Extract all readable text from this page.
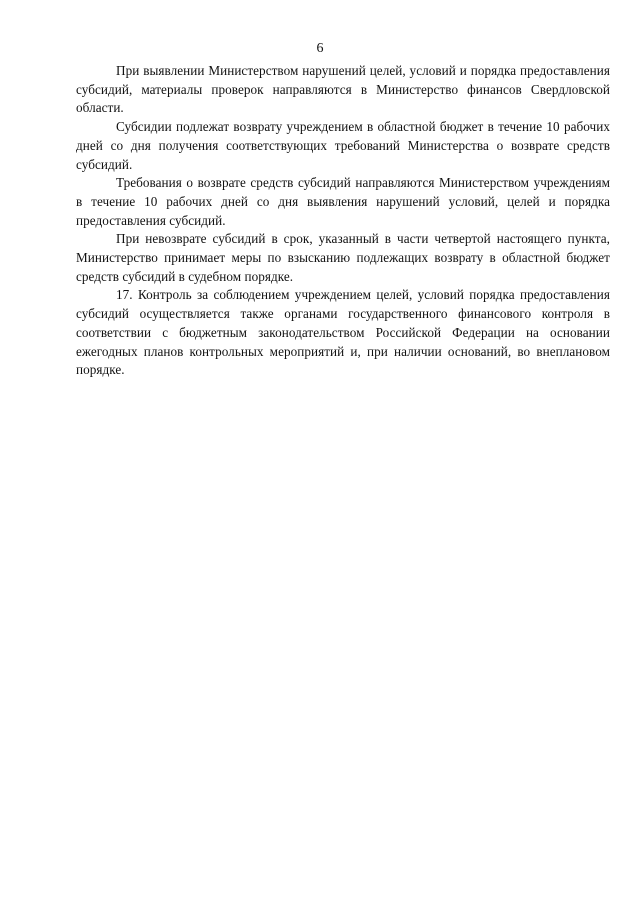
6

При выявлении Министерством нарушений целей, условий и порядка предоставления субсидий, материалы проверок направляются в Министерство финансов Свердловской области.

Субсидии подлежат возврату учреждением в областной бюджет в течение 10 рабочих дней со дня получения соответствующих требований Министерства о возврате средств субсидий.

Требования о возврате средств субсидий направляются Министерством учреждениям в течение 10 рабочих дней со дня выявления нарушений условий, целей и порядка предоставления субсидий.

При невозврате субсидий в срок, указанный в части четвертой настоящего пункта, Министерство принимает меры по взысканию подлежащих возврату в областной бюджет средств субсидий в судебном порядке.

17. Контроль за соблюдением учреждением целей, условий порядка предоставления субсидий осуществляется также органами государственного финансового контроля в соответствии с бюджетным законодательством Российской Федерации на основании ежегодных планов контрольных мероприятий и, при наличии оснований, во внеплановом порядке.
